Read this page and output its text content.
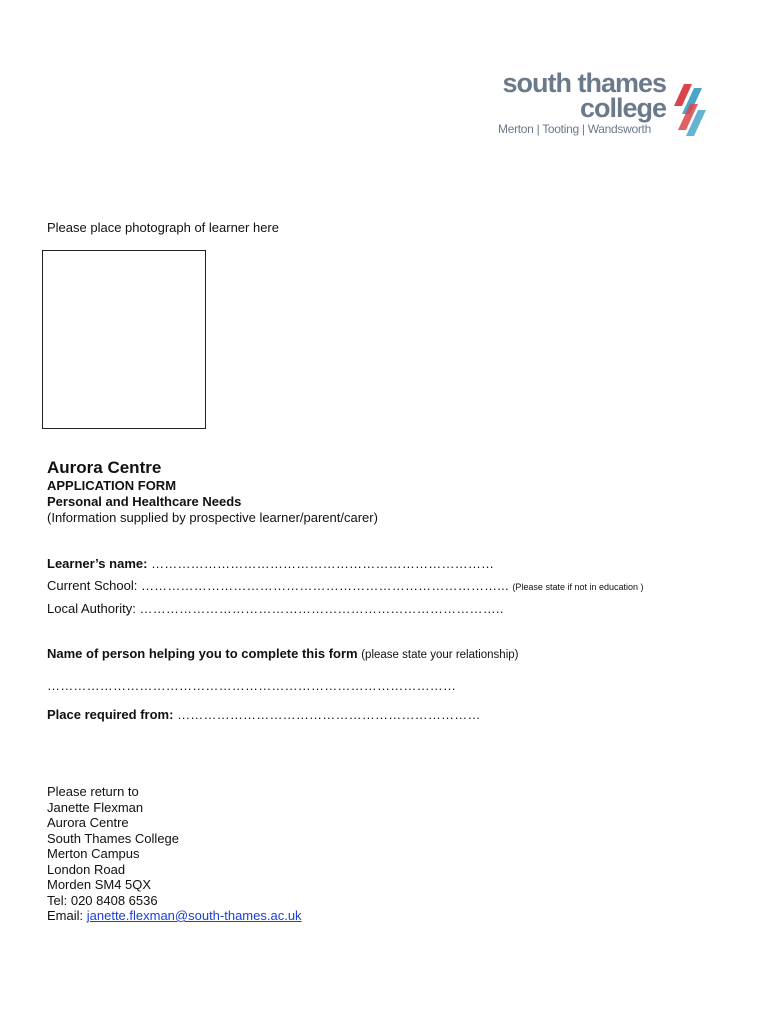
south thames
college
Merton | Tooting | Wandsworth
Please place photograph of learner here
Aurora Centre
APPLICATION FORM
Personal and Healthcare Needs
(Information supplied by prospective learner/parent/carer)
Learner’s name: ……………………………………………………………………
Current School: ………………………………………………………………………... (Please state if not in education )
Local Authority: ………………………………………………………………………..
Name of person helping you to complete this form (please state your relationship)
…………………………………………………………………………………
Place required from: ……………………………………………………………
Please return to
Janette Flexman
Aurora Centre
South Thames College
Merton Campus
London Road
Morden SM4 5QX
Tel: 020 8408 6536
Email: janette.flexman@south-thames.ac.uk
